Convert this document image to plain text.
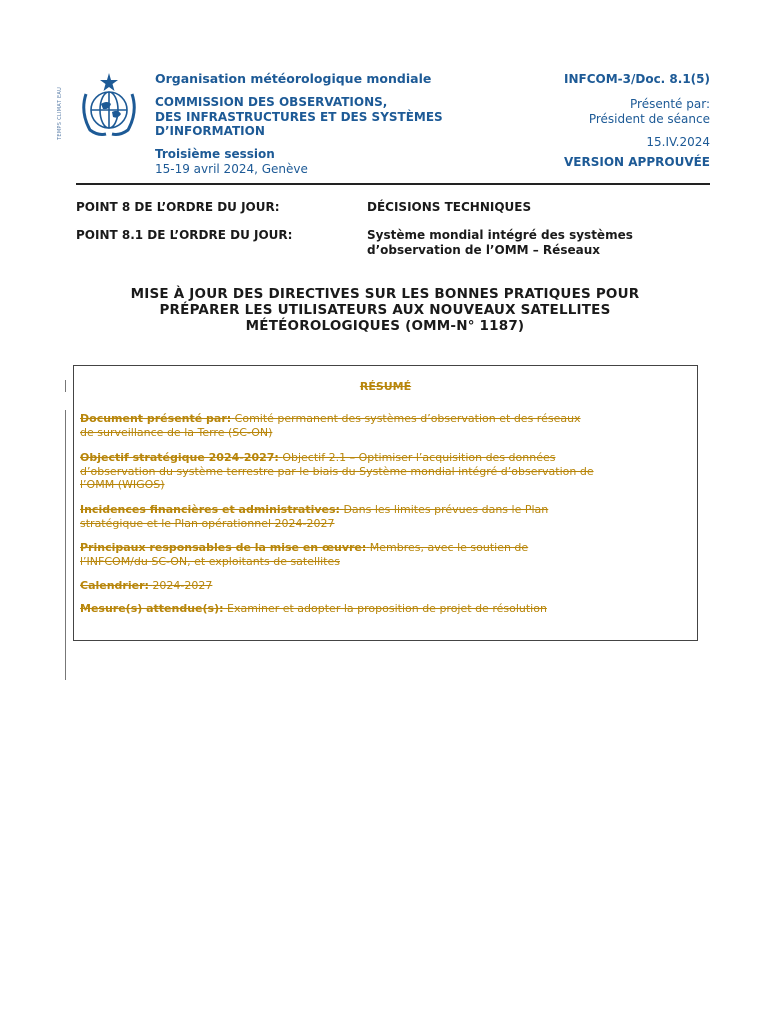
TEMPS CLIMAT EAU
Organisation météorologique mondiale
COMMISSION DES OBSERVATIONS,
DES INFRASTRUCTURES ET DES SYSTÈMES
D’INFORMATION
Troisième session
15-19 avril 2024, Genève
INFCOM-3/Doc. 8.1(5)
Présenté par:
Président de séance
15.IV.2024
VERSION APPROUVÉE
POINT 8 DE L’ORDRE DU JOUR:	DÉCISIONS TECHNIQUES
POINT 8.1 DE L’ORDRE DU JOUR:	Système mondial intégré des systèmes
d’observation de l’OMM – Réseaux
MISE À JOUR DES DIRECTIVES SUR LES BONNES PRATIQUES POUR
PRÉPARER LES UTILISATEURS AUX NOUVEAUX SATELLITES
MÉTÉOROLOGIQUES (OMM-N° 1187)
RÉSUMÉ
Document présenté par: Comité permanent des systèmes d’observation et des réseaux
de surveillance de la Terre (SC-ON)
Objectif stratégique 2024-2027: Objectif 2.1 – Optimiser l’acquisition des données
d’observation du système terrestre par le biais du Système mondial intégré d’observation de
l’OMM (WIGOS)
Incidences financières et administratives: Dans les limites prévues dans le Plan
stratégique et le Plan opérationnel 2024-2027
Principaux responsables de la mise en œuvre: Membres, avec le soutien de
l’INFCOM/du SC-ON, et exploitants de satellites
Calendrier: 2024-2027
Mesure(s) attendue(s): Examiner et adopter la proposition de projet de résolution
